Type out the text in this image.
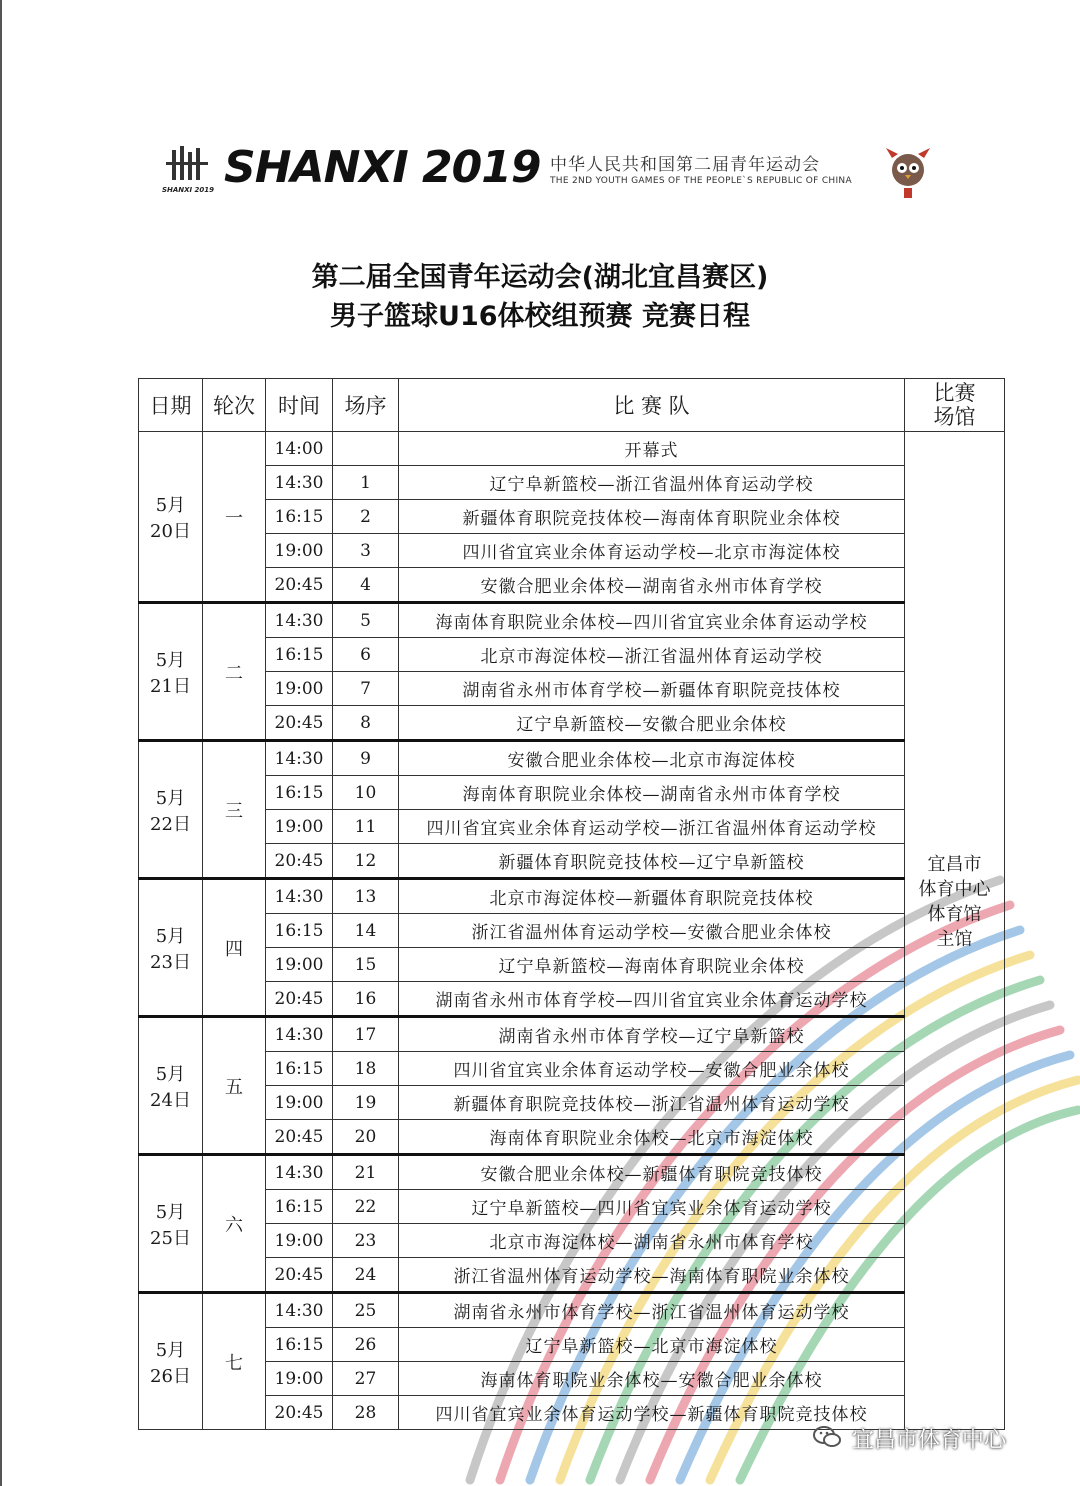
SHANXI 2019 SHANXI 2019 中华人民共和国第二届青年运动会
THE 2ND YOUTH GAMES OF THE PEOPLE`S REPUBLIC OF CHINA
第二届全国青年运动会(湖北宜昌赛区)
男子篮球U16体校组预赛 竞赛日程
日期	轮次	时间	场序	比 赛 队	比赛
场馆
5月
20日	一	14:00		开幕式	宜昌市
体育中心
体育馆
主馆

		14:30	1	辽宁阜新篮校—浙江省温州体育运动学校	
		16:15	2	新疆体育职院竞技体校—海南体育职院业余体校	
		19:00	3	四川省宜宾业余体育运动学校—北京市海淀体校	
		20:45	4	安徽合肥业余体校—湖南省永州市体育学校	
5月
21日	二	14:30	5	海南体育职院业余体校—四川省宜宾业余体育运动学校	
		16:15	6	北京市海淀体校—浙江省温州体育运动学校	
		19:00	7	湖南省永州市体育学校—新疆体育职院竞技体校	
		20:45	8	辽宁阜新篮校—安徽合肥业余体校	
5月
22日	三	14:30	9	安徽合肥业余体校—北京市海淀体校	
		16:15	10	海南体育职院业余体校—湖南省永州市体育学校	
		19:00	11	四川省宜宾业余体育运动学校—浙江省温州体育运动学校	
		20:45	12	新疆体育职院竞技体校—辽宁阜新篮校	
5月
23日	四	14:30	13	北京市海淀体校—新疆体育职院竞技体校	
		16:15	14	浙江省温州体育运动学校—安徽合肥业余体校	
		19:00	15	辽宁阜新篮校—海南体育职院业余体校	
		20:45	16	湖南省永州市体育学校—四川省宜宾业余体育运动学校	
5月
24日	五	14:30	17	湖南省永州市体育学校—辽宁阜新篮校	
		16:15	18	四川省宜宾业余体育运动学校—安徽合肥业余体校	
		19:00	19	新疆体育职院竞技体校—浙江省温州体育运动学校	
		20:45	20	海南体育职院业余体校—北京市海淀体校	
5月
25日	六	14:30	21	安徽合肥业余体校—新疆体育职院竞技体校	
		16:15	22	辽宁阜新篮校—四川省宜宾业余体育运动学校	
		19:00	23	北京市海淀体校—湖南省永州市体育学校	
		20:45	24	浙江省温州体育运动学校—海南体育职院业余体校	
5月
26日	七	14:30	25	湖南省永州市体育学校—浙江省温州体育运动学校	
		16:15	26	辽宁阜新篮校—北京市海淀体校	
		19:00	27	海南体育职院业余体校—安徽合肥业余体校	
		20:45	28	四川省宜宾业余体育运动学校—新疆体育职院竞技体校	
宜昌市体育中心
